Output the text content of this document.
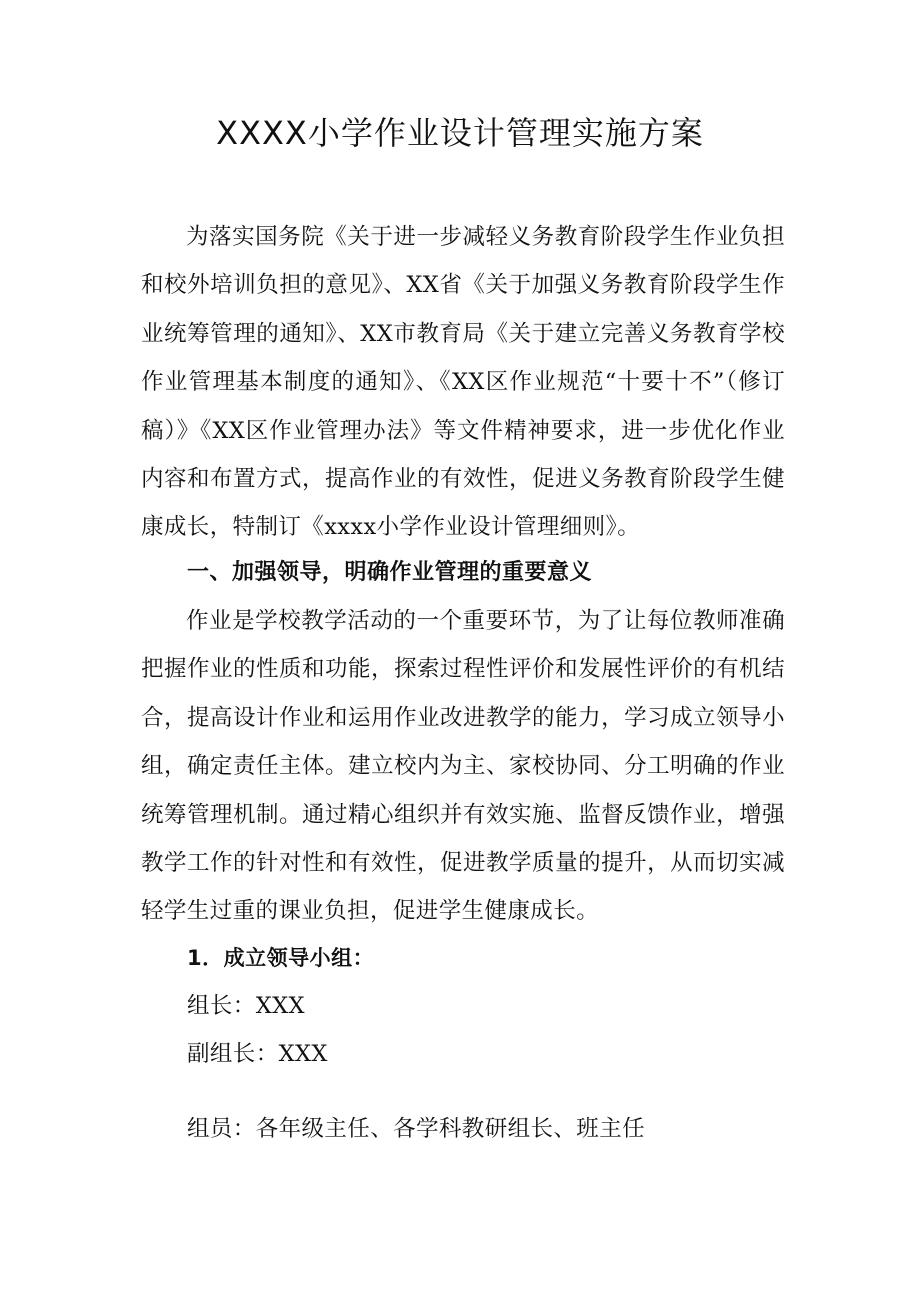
XXXX小学作业设计管理实施方案

为落实国务院《关于进一步减轻义务教育阶段学生作业负担和校外培训负担的意见》、XX省《关于加强义务教育阶段学生作业统筹管理的通知》、XX市教育局《关于建立完善义务教育学校作业管理基本制度的通知》、《XX区作业规范“十要十不”（修订稿）》《XX区作业管理办法》等文件精神要求，进一步优化作业内容和布置方式，提高作业的有效性，促进义务教育阶段学生健康成长，特制订《xxxx小学作业设计管理细则》。

一、加强领导，明确作业管理的重要意义

作业是学校教学活动的一个重要环节，为了让每位教师准确把握作业的性质和功能，探索过程性评价和发展性评价的有机结合，提高设计作业和运用作业改进教学的能力，学习成立领导小组，确定责任主体。建立校内为主、家校协同、分工明确的作业统筹管理机制。通过精心组织并有效实施、监督反馈作业，增强教学工作的针对性和有效性，促进教学质量的提升，从而切实减轻学生过重的课业负担，促进学生健康成长。

1．成立领导小组：

组长：XXX

副组长：XXX

组员：各年级主任、各学科教研组长、班主任
